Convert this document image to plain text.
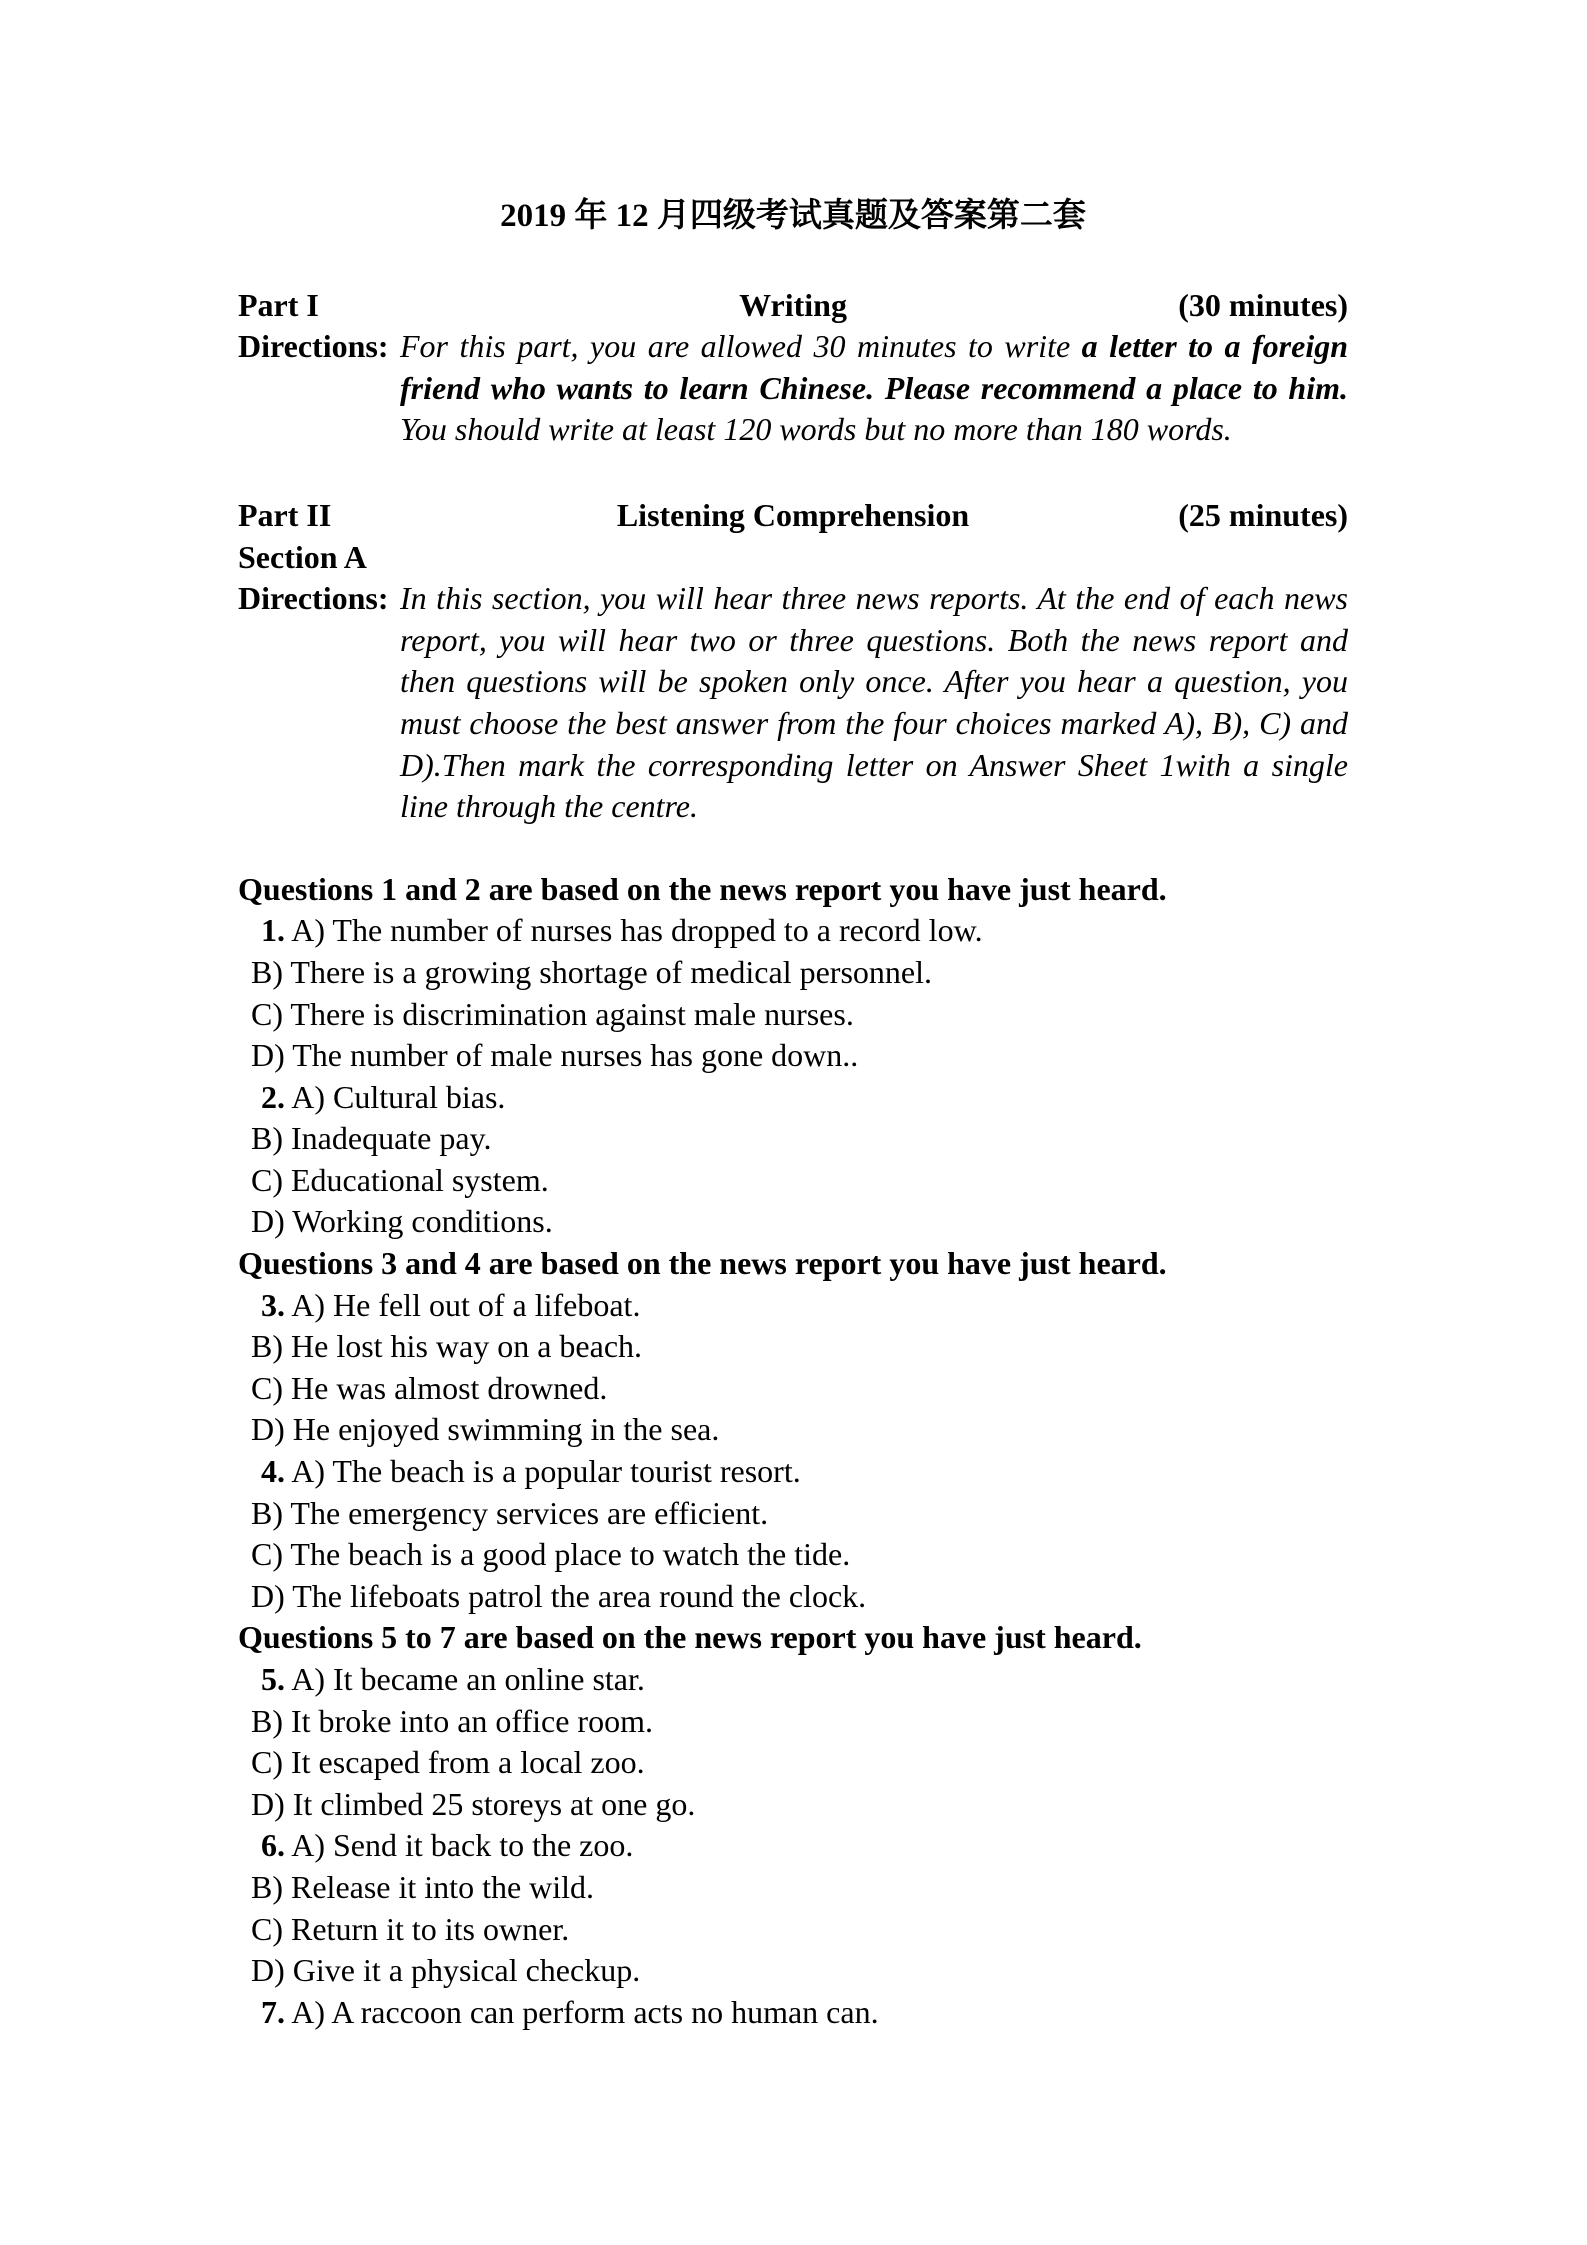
2019 年 12 月四级考试真题及答案第二套
Part I	Writing	(30 minutes)
Directions: For this part, you are allowed 30 minutes to write a letter to a foreign
friend who wants to learn Chinese. Please recommend a place to him.
You should write at least 120 words but no more than 180 words.
Part II	Listening Comprehension	(25 minutes)
Section A
Directions: In this section, you will hear three news reports. At the end of each news
report, you will hear two or three questions. Both the news report and
then questions will be spoken only once. After you hear a question, you
must choose the best answer from the four choices marked A), B), C) and
D).Then mark the corresponding letter on Answer Sheet 1with a single
line through the centre.
Questions 1 and 2 are based on the news report you have just heard.
1. A) The number of nurses has dropped to a record low.
B) There is a growing shortage of medical personnel.
C) There is discrimination against male nurses.
D) The number of male nurses has gone down..
2. A) Cultural bias.
B) Inadequate pay.
C) Educational system.
D) Working conditions.
Questions 3 and 4 are based on the news report you have just heard.
3. A) He fell out of a lifeboat.
B) He lost his way on a beach.
C) He was almost drowned.
D) He enjoyed swimming in the sea.
4. A) The beach is a popular tourist resort.
B) The emergency services are efficient.
C) The beach is a good place to watch the tide.
D) The lifeboats patrol the area round the clock.
Questions 5 to 7 are based on the news report you have just heard.
5. A) It became an online star.
B) It broke into an office room.
C) It escaped from a local zoo.
D) It climbed 25 storeys at one go.
6. A) Send it back to the zoo.
B) Release it into the wild.
C) Return it to its owner.
D) Give it a physical checkup.
7. A) A raccoon can perform acts no human can.
